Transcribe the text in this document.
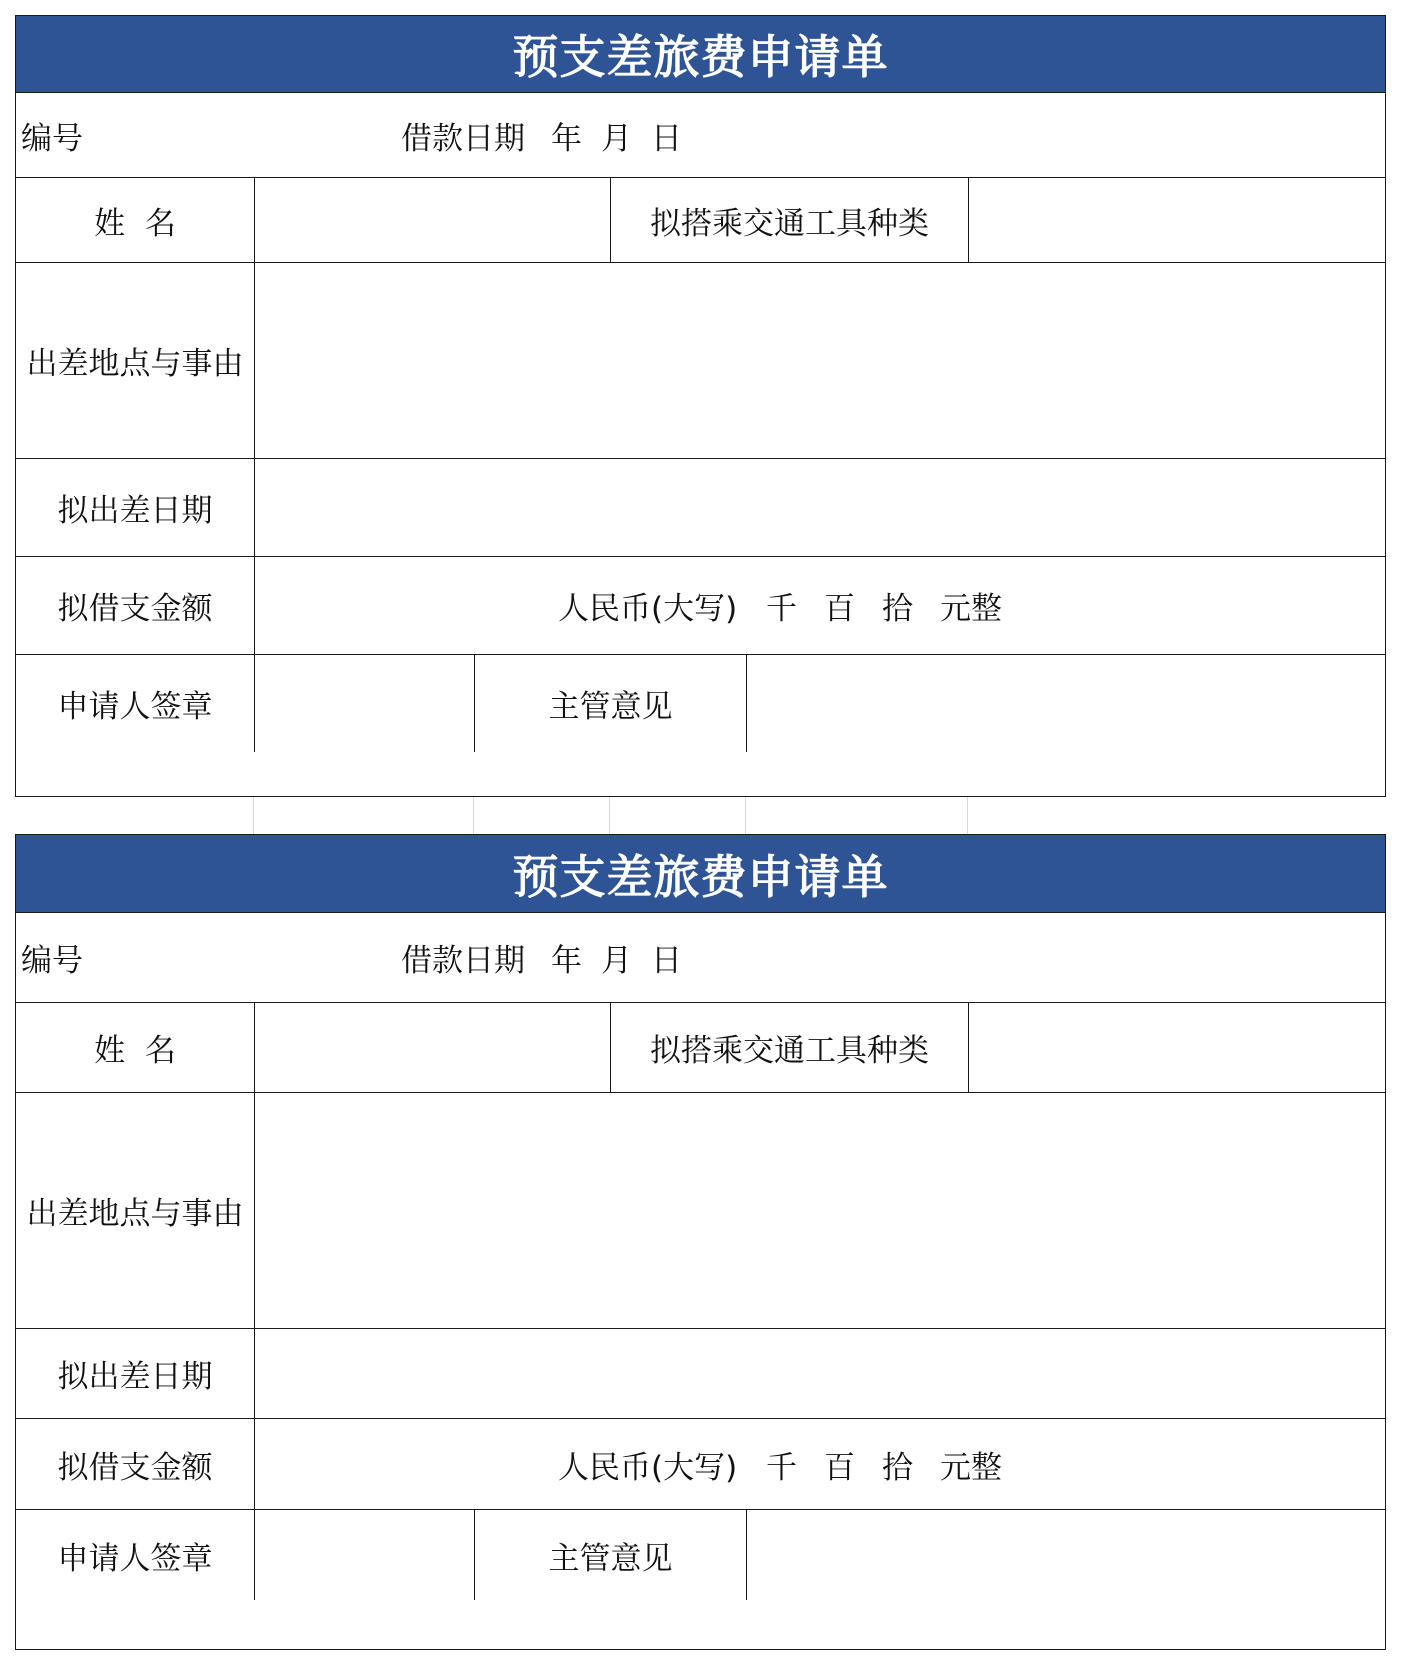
预支差旅费申请单
编号	借款日期 年 月 日
姓  名	拟搭乘交通工具种类
出差地点与事由
拟出差日期
拟借支金额	人民币(大写) 千 百 拾 元整
申请人签章	主管意见
预支差旅费申请单
编号	借款日期 年 月 日
姓  名	拟搭乘交通工具种类
出差地点与事由
拟出差日期
拟借支金额	人民币(大写) 千 百 拾 元整
申请人签章	主管意见
